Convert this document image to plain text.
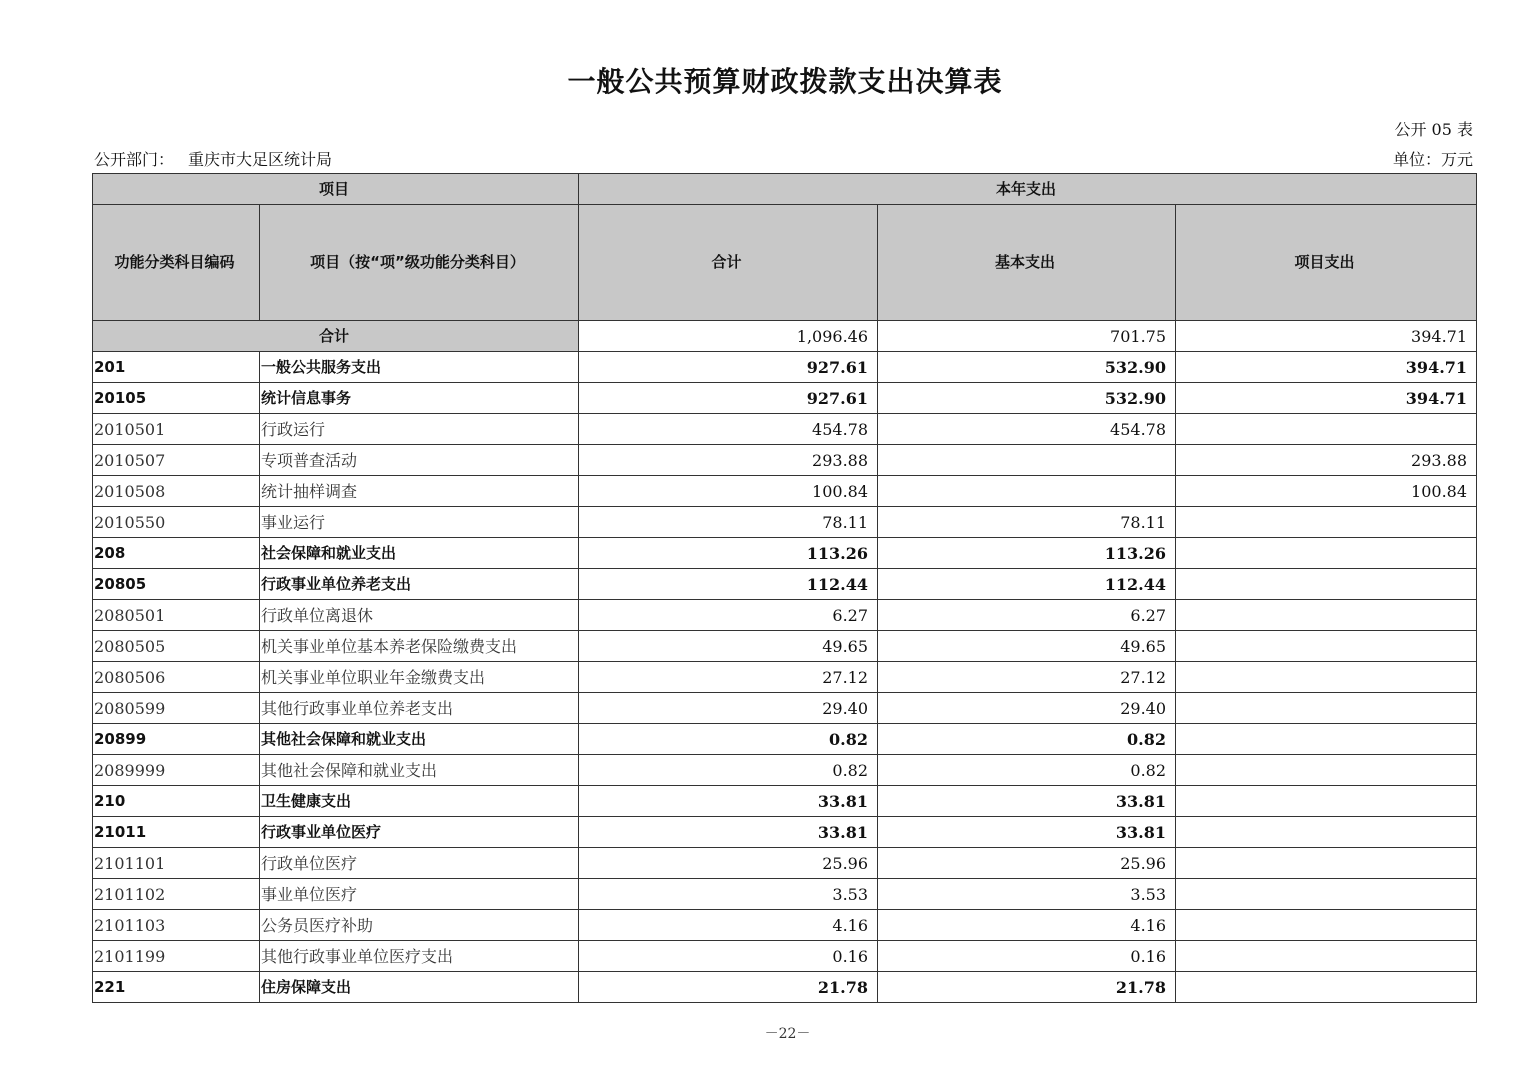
一般公共预算财政拨款支出决算表
公开 05 表
公开部门： 重庆市大足区统计局	单位：万元
项目		本年支出		
功能分类科目编码	项目（按“项”级功能分类科目）	合计	基本支出	项目支出
合计		1,096.46	701.75	394.71
201	一般公共服务支出	927.61	532.90	394.71
20105	统计信息事务	927.61	532.90	394.71
2010501	行政运行	454.78	454.78	
2010507	专项普查活动	293.88		293.88
2010508	统计抽样调查	100.84		100.84
2010550	事业运行	78.11	78.11	
208	社会保障和就业支出	113.26	113.26	
20805	行政事业单位养老支出	112.44	112.44	
2080501	行政单位离退休	6.27	6.27	
2080505	机关事业单位基本养老保险缴费支出	49.65	49.65	
2080506	机关事业单位职业年金缴费支出	27.12	27.12	
2080599	其他行政事业单位养老支出	29.40	29.40	
20899	其他社会保障和就业支出	0.82	0.82	
2089999	其他社会保障和就业支出	0.82	0.82	
210	卫生健康支出	33.81	33.81	
21011	行政事业单位医疗	33.81	33.81	
2101101	行政单位医疗	25.96	25.96	
2101102	事业单位医疗	3.53	3.53	
2101103	公务员医疗补助	4.16	4.16	
2101199	其他行政事业单位医疗支出	0.16	0.16	
221	住房保障支出	21.78	21.78	
－22－
